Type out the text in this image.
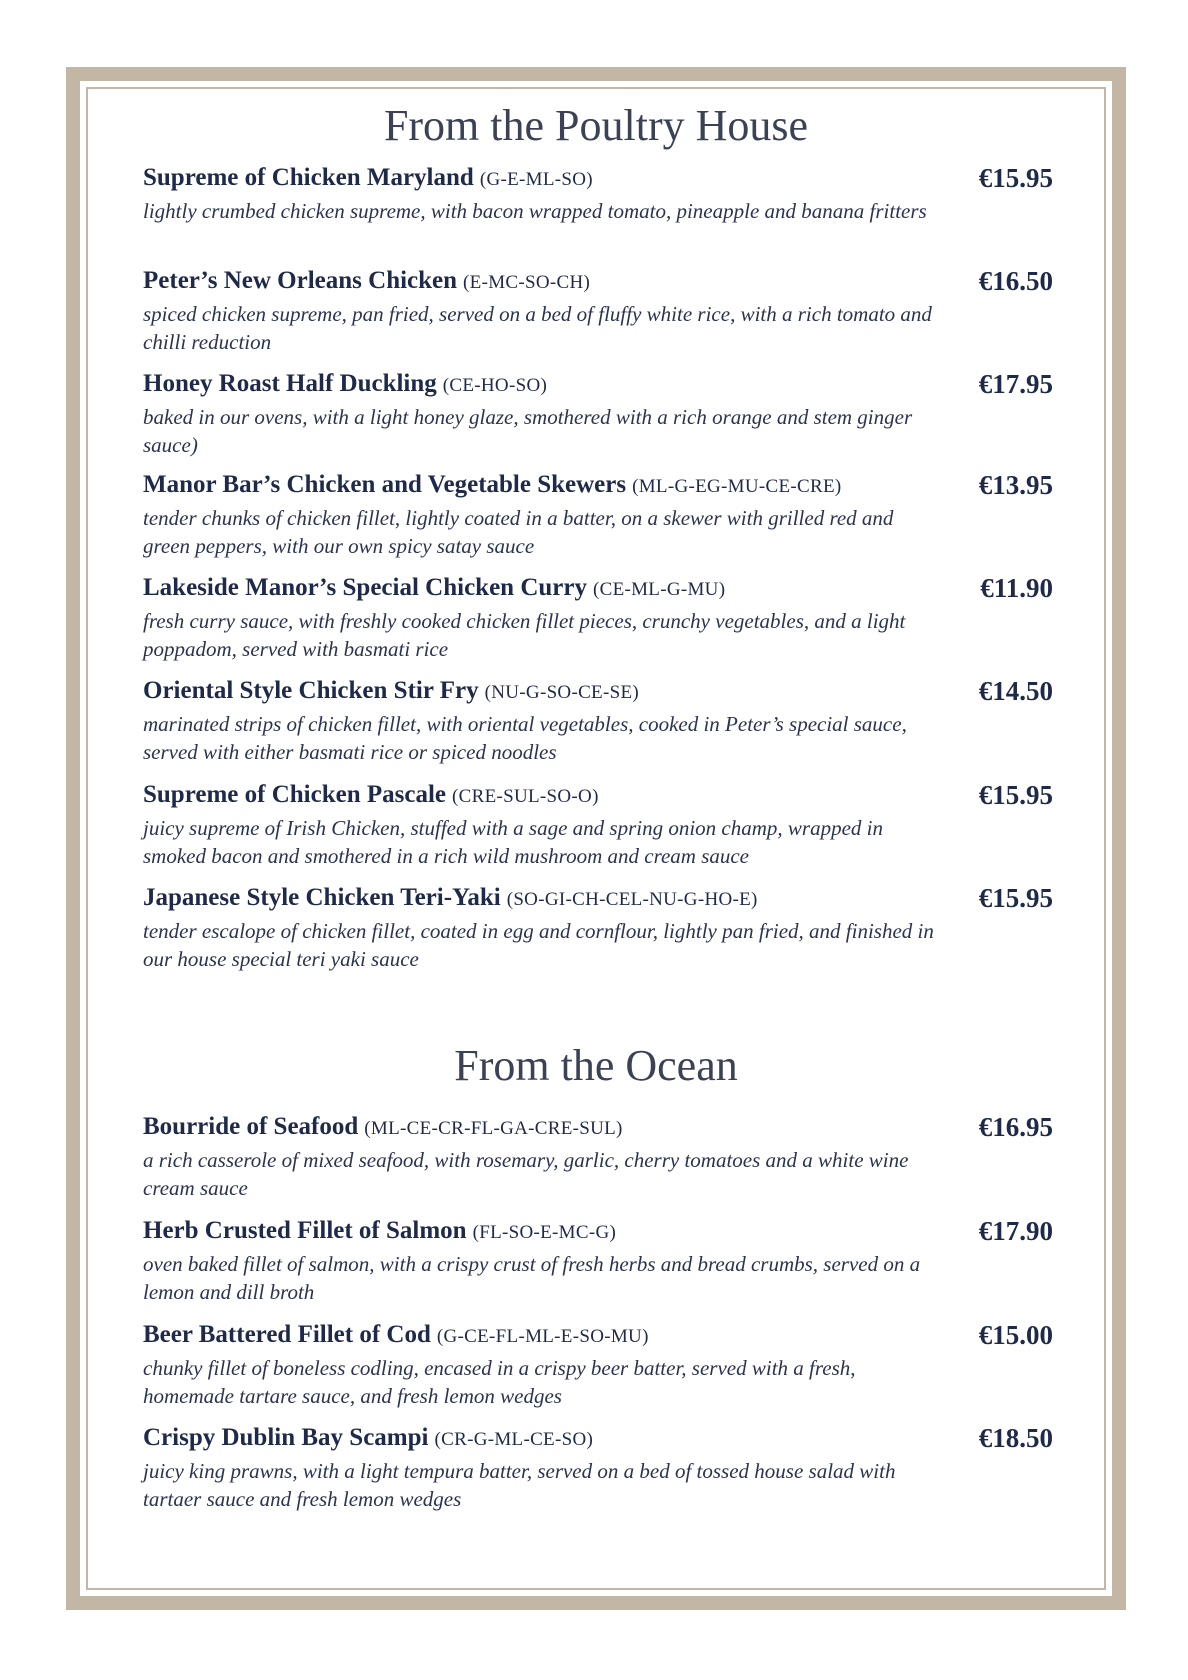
From the Poultry House
Supreme of Chicken Maryland (G-E-ML-SO)
lightly crumbed chicken supreme, with bacon wrapped tomato, pineapple and banana fritters
€15.95
Peter’s New Orleans Chicken (E-MC-SO-CH)
spiced chicken supreme, pan fried, served on a bed of fluffy white rice, with a rich tomato and chilli reduction
€16.50
Honey Roast Half Duckling (CE-HO-SO)
baked in our ovens, with a light honey glaze, smothered with a rich orange and stem ginger sauce)
€17.95
Manor Bar’s Chicken and Vegetable Skewers (ML-G-EG-MU-CE-CRE)
tender chunks of chicken fillet, lightly coated in a batter, on a skewer with grilled red and green peppers, with our own spicy satay sauce
€13.95
Lakeside Manor’s Special Chicken Curry (CE-ML-G-MU)
fresh curry sauce, with freshly cooked chicken fillet pieces, crunchy vegetables, and a light poppadom, served with basmati rice
€11.90
Oriental Style Chicken Stir Fry (NU-G-SO-CE-SE)
marinated strips of chicken fillet, with oriental vegetables, cooked in Peter’s special sauce, served with either basmati rice or spiced noodles
€14.50
Supreme of Chicken Pascale (CRE-SUL-SO-O)
juicy supreme of Irish Chicken, stuffed with a sage and spring onion champ, wrapped in smoked bacon and smothered in a rich wild mushroom and cream sauce
€15.95
Japanese Style Chicken Teri-Yaki (SO-GI-CH-CEL-NU-G-HO-E)
tender escalope of chicken fillet, coated in egg and cornflour, lightly pan fried, and finished in our house special teri yaki sauce
€15.95
From the Ocean
Bourride of Seafood (ML-CE-CR-FL-GA-CRE-SUL)
a rich casserole of mixed seafood, with rosemary, garlic, cherry tomatoes and a white wine cream sauce
€16.95
Herb Crusted Fillet of Salmon (FL-SO-E-MC-G)
oven baked fillet of salmon, with a crispy crust of fresh herbs and bread crumbs, served on a lemon and dill broth
€17.90
Beer Battered Fillet of Cod (G-CE-FL-ML-E-SO-MU)
chunky fillet of boneless codling, encased in a crispy beer batter, served with a fresh, homemade tartare sauce, and fresh lemon wedges
€15.00
Crispy Dublin Bay Scampi (CR-G-ML-CE-SO)
juicy king prawns, with a light tempura batter, served on a bed of tossed house salad with tartaer sauce and fresh lemon wedges
€18.50
